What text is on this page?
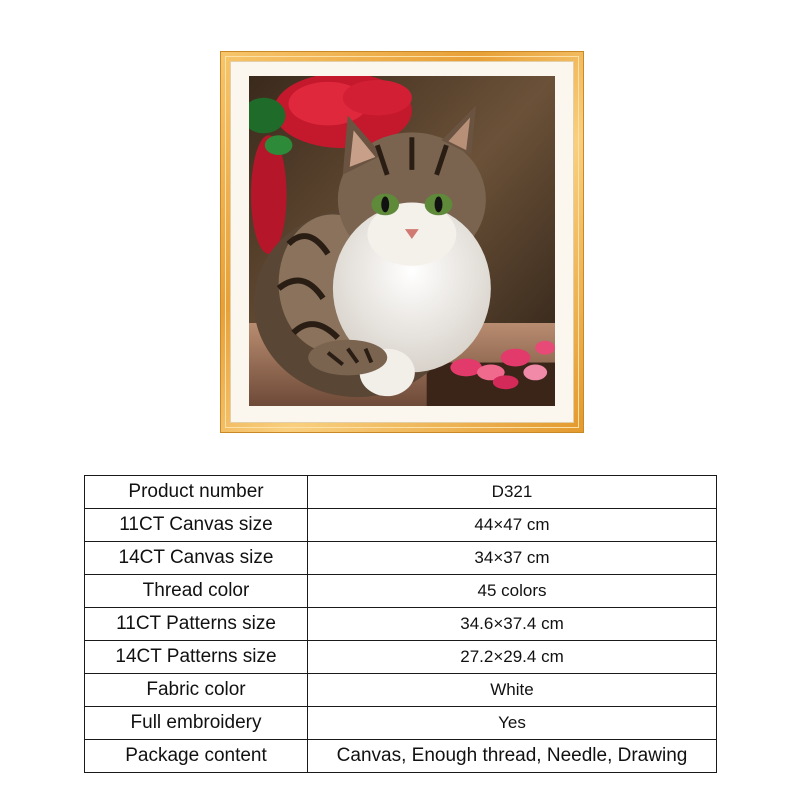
Product number	D321
11CT Canvas size	44×47 cm
14CT Canvas size	34×37 cm
Thread color	45 colors
11CT Patterns size	34.6×37.4 cm
14CT Patterns size	27.2×29.4 cm
Fabric color	White
Full embroidery	Yes
Package content	Canvas, Enough thread, Needle, Drawing
